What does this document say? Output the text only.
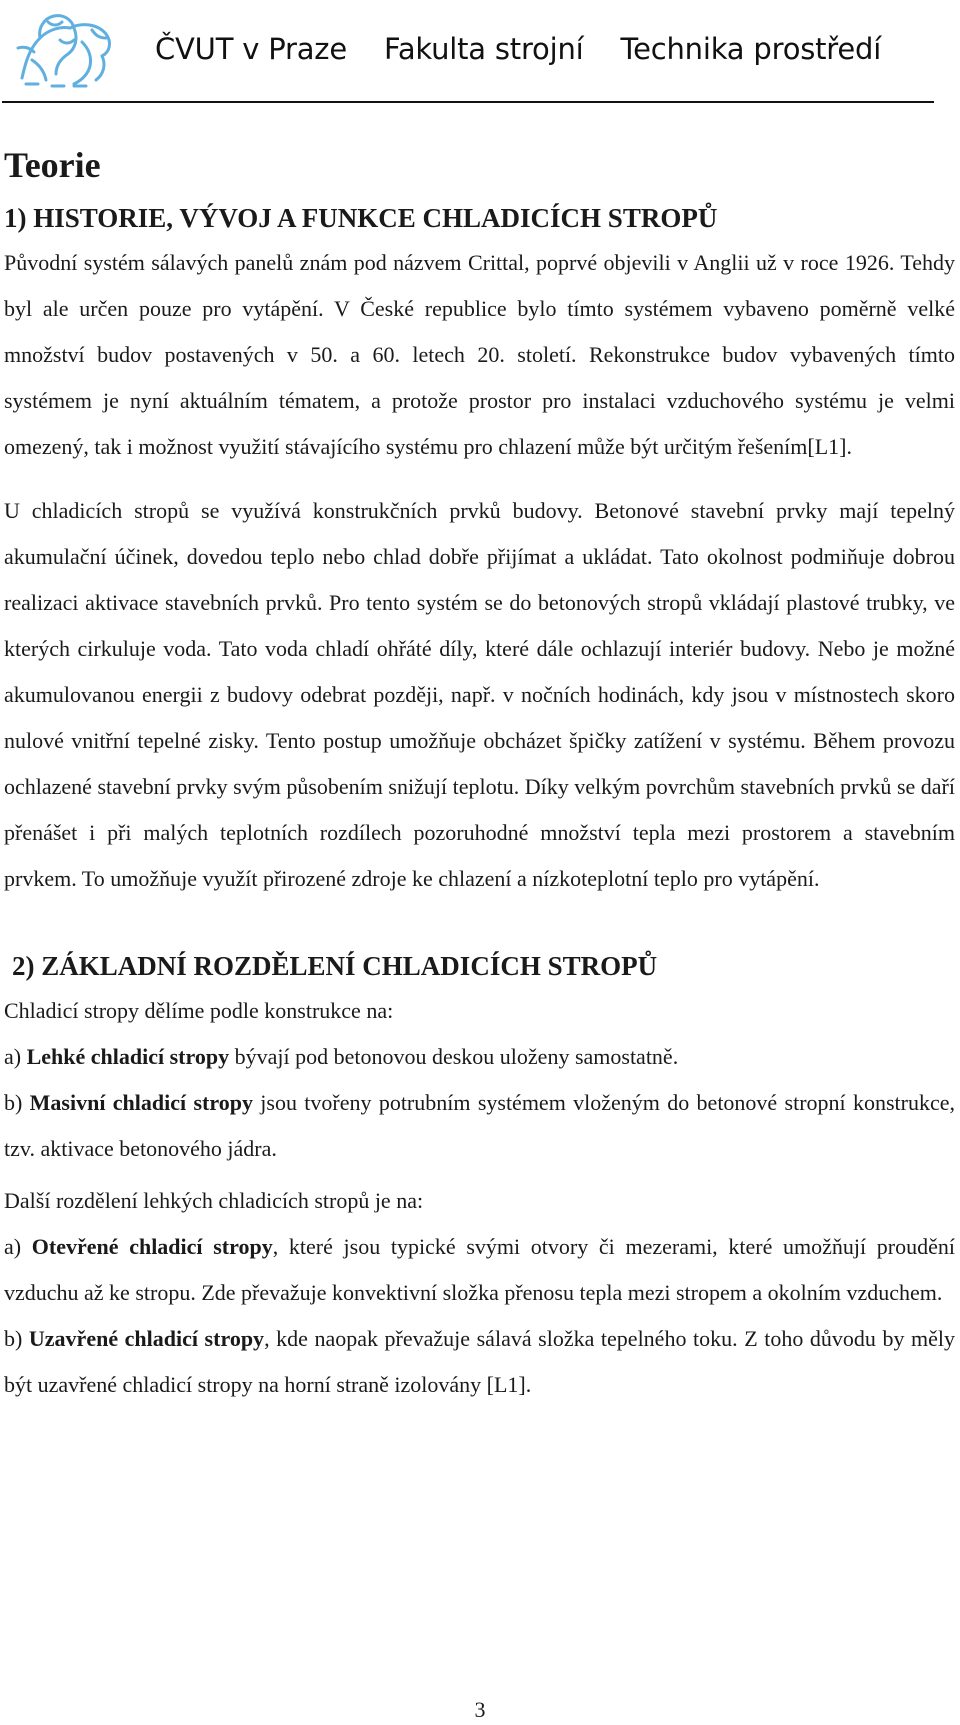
ČVUT v Praze Fakulta strojní Technika prostředí
Teorie
1) HISTORIE, VÝVOJ A FUNKCE CHLADICÍCH STROPŮ

Původní systém sálavých panelů znám pod názvem Crittal, poprvé objevili v Anglii už v roce 1926. Tehdy byl ale určen pouze pro vytápění. V České republice bylo tímto systémem vybaveno poměrně velké množství budov postavených v 50. a 60. letech 20. století. Rekonstrukce budov vybavených tímto systémem je nyní aktuálním tématem, a protože prostor pro instalaci vzduchového systému je velmi omezený, tak i možnost využití stávajícího systému pro chlazení může být určitým řešením[L1].

U chladicích stropů se využívá konstrukčních prvků budovy. Betonové stavební prvky mají tepelný akumulační účinek, dovedou teplo nebo chlad dobře přijímat a ukládat. Tato okolnost podmiňuje dobrou realizaci aktivace stavebních prvků. Pro tento systém se do betonových stropů vkládají plastové trubky, ve kterých cirkuluje voda. Tato voda chladí ohřáté díly, které dále ochlazují interiér budovy. Nebo je možné akumulovanou energii z budovy odebrat později, např. v nočních hodinách, kdy jsou v místnostech skoro nulové vnitřní tepelné zisky. Tento postup umožňuje obcházet špičky zatížení v systému. Během provozu ochlazené stavební prvky svým působením snižují teplotu. Díky velkým povrchům stavebních prvků se daří přenášet i při malých teplotních rozdílech pozoruhodné množství tepla mezi prostorem a stavebním prvkem. To umožňuje využít přirozené zdroje ke chlazení a nízkoteplotní teplo pro vytápění.

2) ZÁKLADNÍ ROZDĚLENÍ CHLADICÍCH STROPŮ

Chladicí stropy dělíme podle konstrukce na:

a) Lehké chladicí stropy bývají pod betonovou deskou uloženy samostatně.

b) Masivní chladicí stropy jsou tvořeny potrubním systémem vloženým do betonové stropní konstrukce, tzv. aktivace betonového jádra.

Další rozdělení lehkých chladicích stropů je na:

a) Otevřené chladicí stropy, které jsou typické svými otvory či mezerami, které umožňují proudění vzduchu až ke stropu. Zde převažuje konvektivní složka přenosu tepla mezi stropem a okolním vzduchem.

b) Uzavřené chladicí stropy, kde naopak převažuje sálavá složka tepelného toku. Z toho důvodu by měly být uzavřené chladicí stropy na horní straně izolovány [L1].

3
